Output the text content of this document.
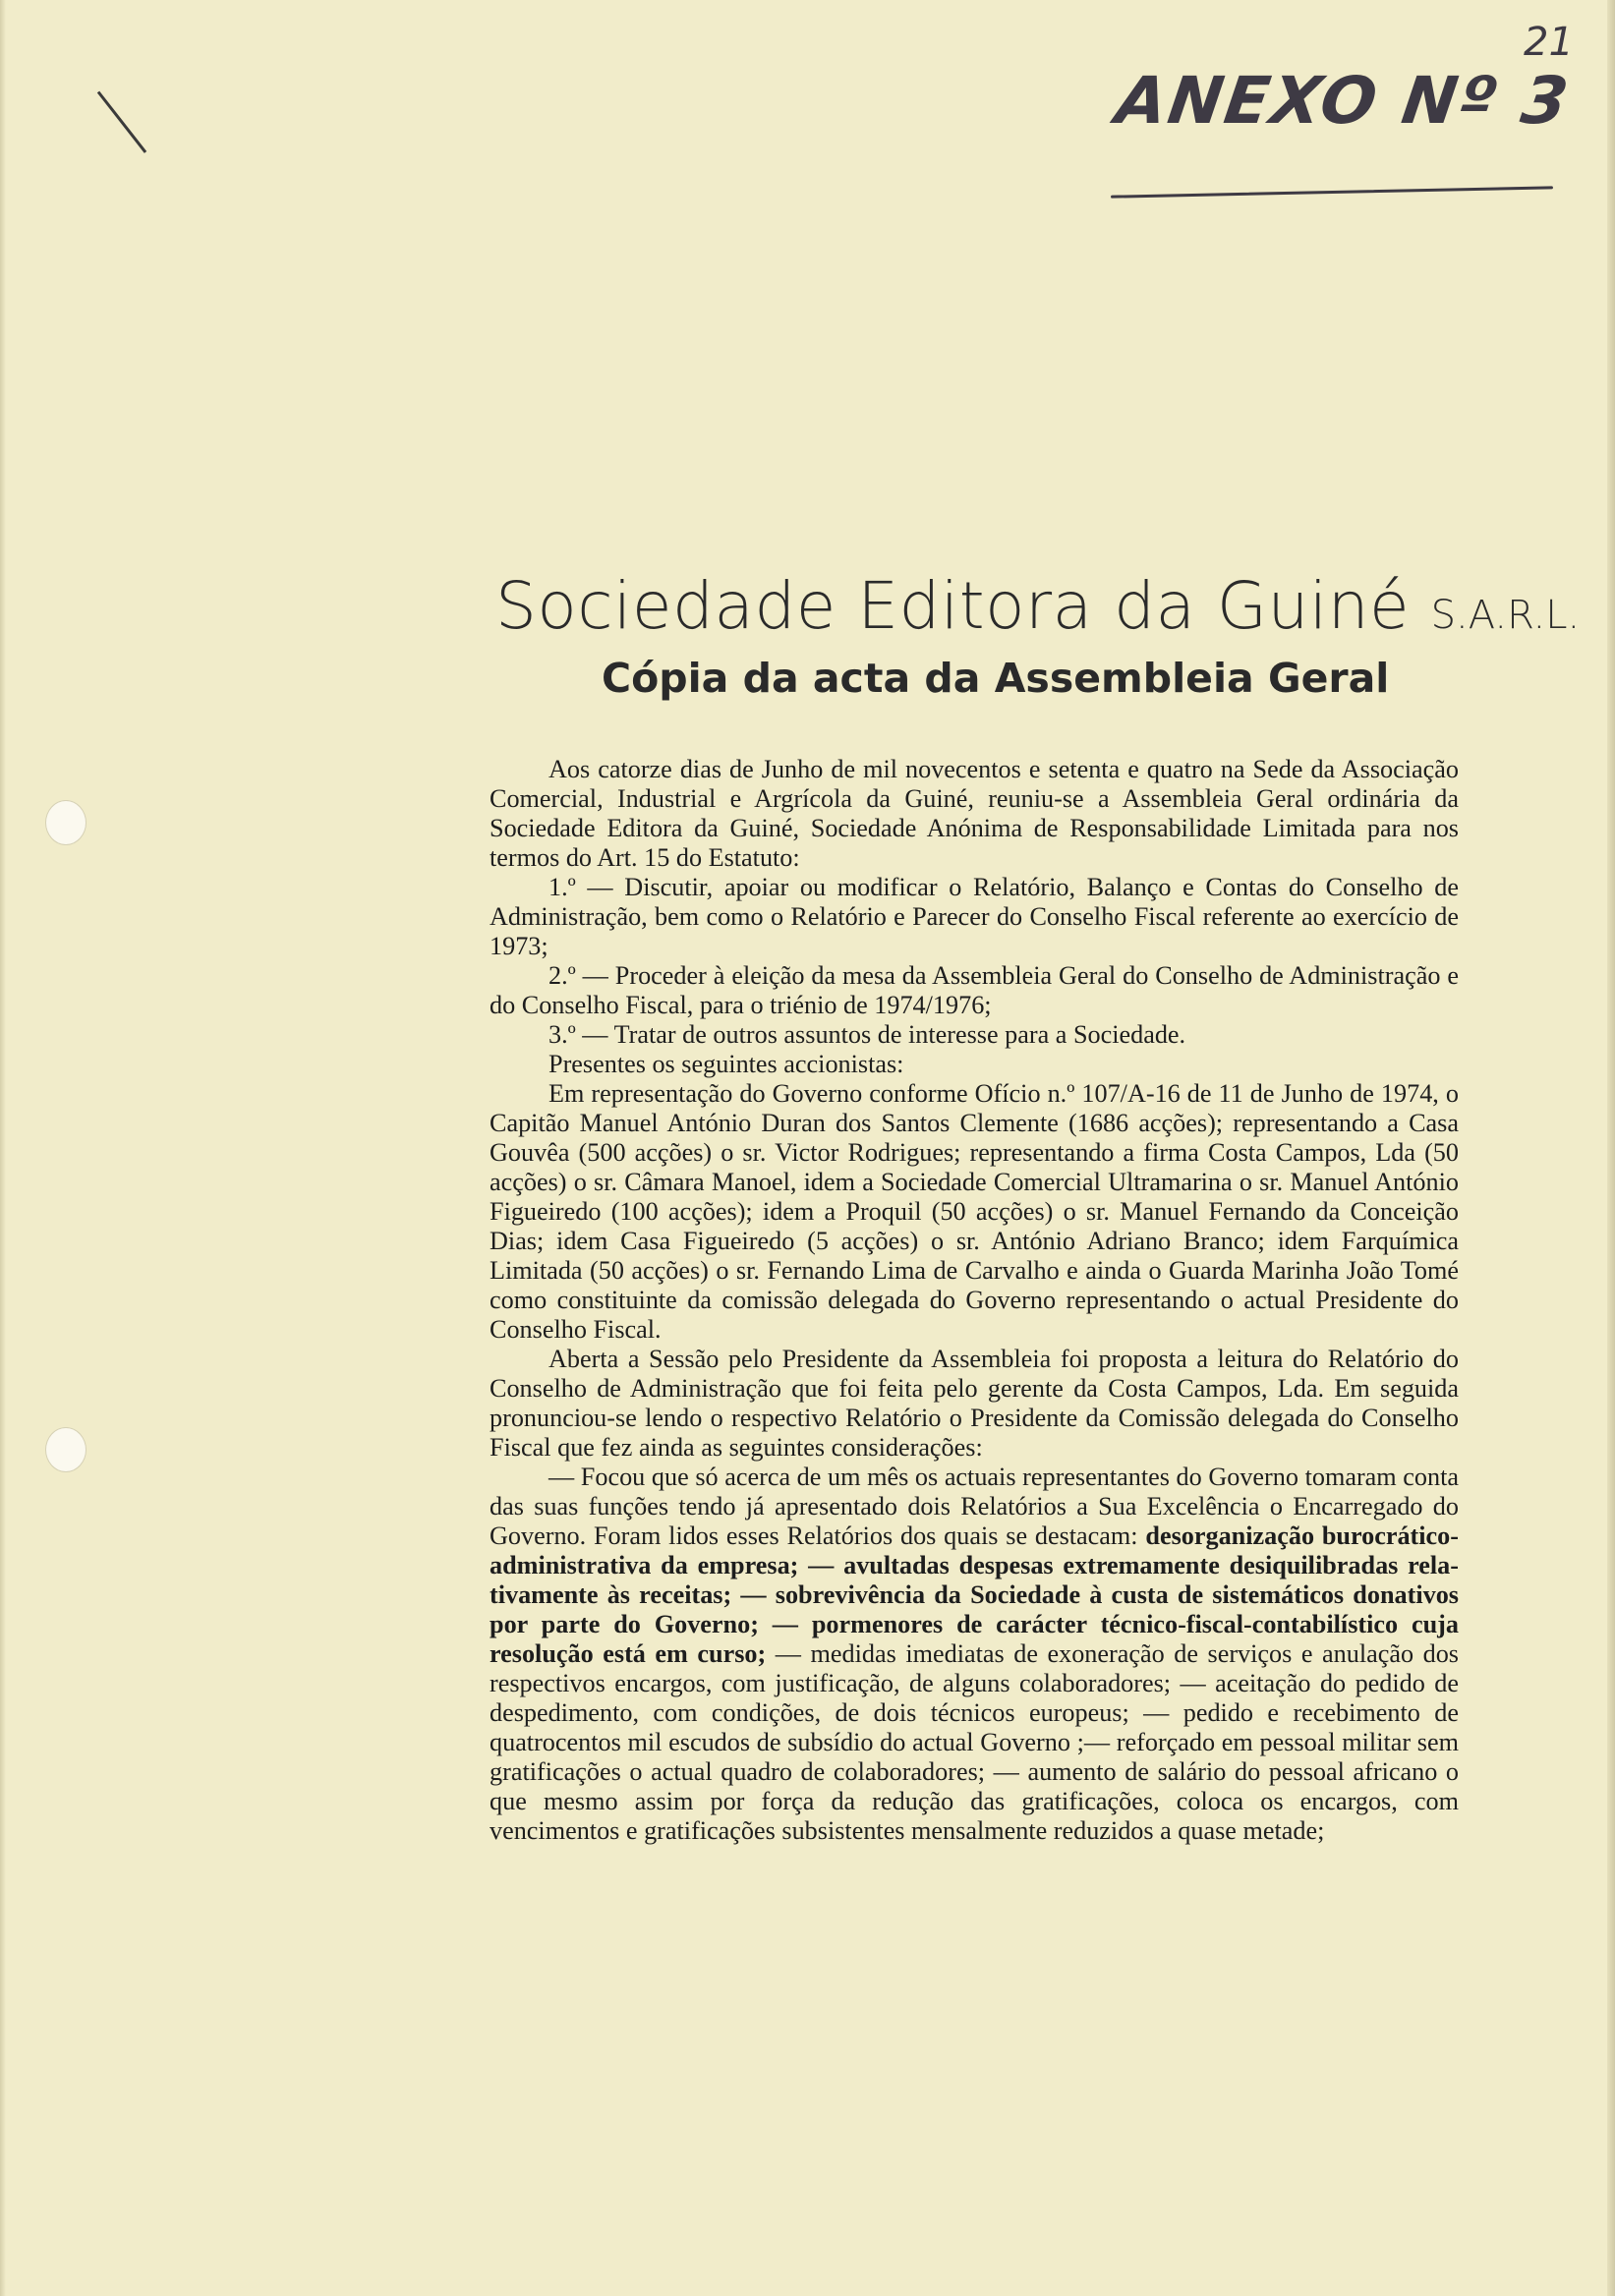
ANEXO Nº 3
21
Sociedade Editora da Guiné S.A.R.L.
Cópia da acta da Assembleia Geral

Aos catorze dias de Junho de mil novecentos e setenta e quatro na Sede da Associação Comercial, Industrial e Argrícola da Guiné, reuniu-se a Assembleia Geral ordinária da Sociedade Editora da Guiné, Sociedade Anónima de Responsabilidade Limitada para nos termos do Art. 15 do Estatuto:

1.º — Discutir, apoiar ou modificar o Relatório, Balanço e Contas do Conselho de Administração, bem como o Relatório e Parecer do Conselho Fiscal referente ao exercício de 1973;

2.º — Proceder à eleição da mesa da Assembleia Geral do Conselho de Administração e do Conselho Fiscal, para o triénio de 1974/1976;

3.º — Tratar de outros assuntos de interesse para a Sociedade.

Presentes os seguintes accionistas:

Em representação do Governo conforme Ofício n.º 107/A-16 de 11 de Junho de 1974, o Capitão Manuel António Duran dos Santos Clemente (1686 acções); representando a Casa Gouvêa (500 acções) o sr. Victor Rodrigues; representando a firma Costa Campos, Lda (50 acções) o sr. Câmara Manoel, idem a Sociedade Comercial Ultramarina o sr. Manuel António Figueiredo (100 acções); idem a Proquil (50 acções) o sr. Manuel Fernando da Conceição Dias; idem Casa Figueiredo (5 acções) o sr. António Adriano Branco; idem Farquímica Limitada (50 acções) o sr. Fernando Lima de Carvalho e ainda o Guarda Marinha João Tomé como constituinte da comissão delegada do Governo representando o actual Presidente do Conselho Fiscal.

Aberta a Sessão pelo Presidente da Assembleia foi proposta a leitura do Relatório do Conselho de Administração que foi feita pelo gerente da Costa Campos, Lda. Em seguida pronunciou-se lendo o respectivo Relatório o Presidente da Comissão delegada do Conselho Fiscal que fez ainda as seguintes considerações:

— Focou que só acerca de um mês os actuais representantes do Governo tomaram conta das suas funções tendo já apresentado dois Relatórios a Sua Excelência o Encarregado do Governo. Foram lidos esses Relatórios dos quais se destacam: desorganização burocrático-administrativa da empresa; — avultadas despesas extremamente desiquilibradas relativamente às receitas; — sobrevivência da Sociedade à custa de sistemáticos donativos por parte do Governo; — pormenores de carácter técnico-fiscal-contabilístico cuja resolução está em curso; — medidas imediatas de exoneração de serviços e anulação dos respectivos encargos, com justificação, de alguns colaboradores; — aceitação do pedido de despedimento, com condições, de dois técnicos europeus; — pedido e recebimento de quatrocentos mil escudos de subsídio do actual Governo ;— reforçado em pessoal militar sem gratificações o actual quadro de colaboradores; — aumento de salário do pessoal africano o que mesmo assim por força da redução das gratificações, coloca os encargos, com vencimentos e gratificações subsistentes mensalmente reduzidos a quase metade;
